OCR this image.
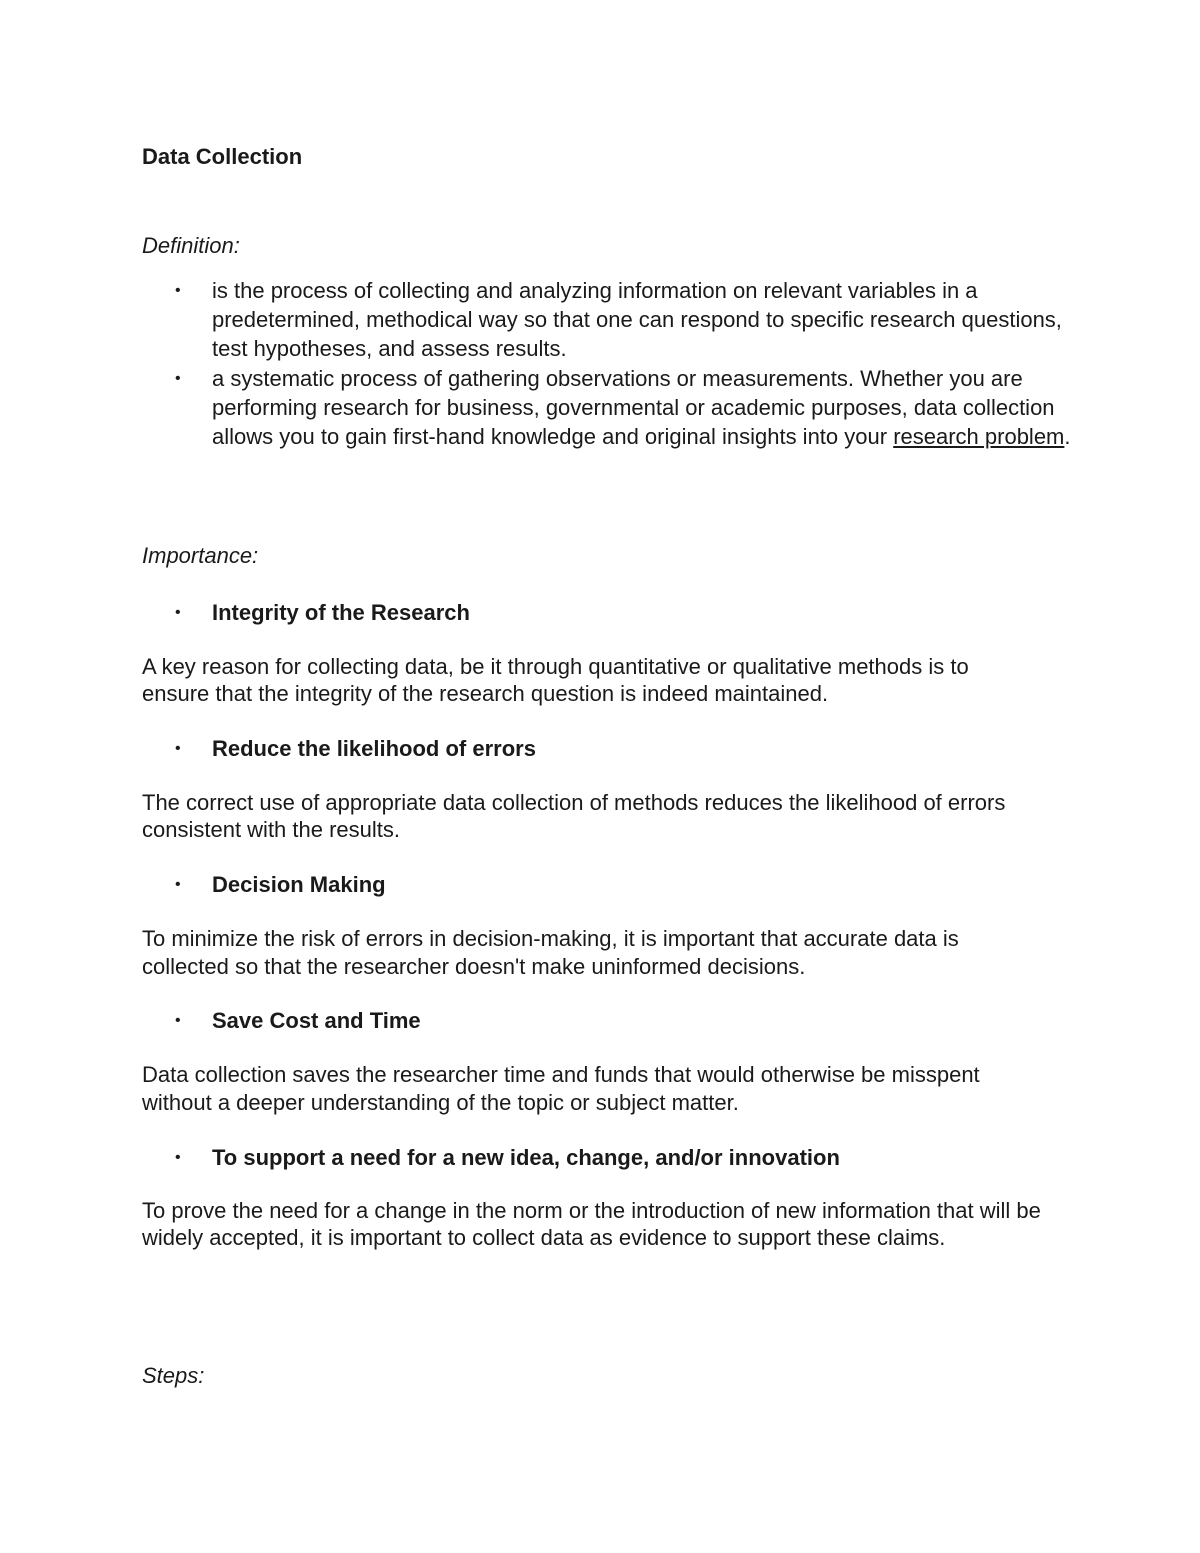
Data Collection
Definition:
• is the process of collecting and analyzing information on relevant variables in a predetermined, methodical way so that one can respond to specific research questions, test hypotheses, and assess results.
• a systematic process of gathering observations or measurements. Whether you are performing research for business, governmental or academic purposes, data collection allows you to gain first-hand knowledge and original insights into your research problem.
Importance:
• Integrity of the Research
A key reason for collecting data, be it through quantitative or qualitative methods is to ensure that the integrity of the research question is indeed maintained.
• Reduce the likelihood of errors
The correct use of appropriate data collection of methods reduces the likelihood of errors consistent with the results.
• Decision Making
To minimize the risk of errors in decision-making, it is important that accurate data is collected so that the researcher doesn't make uninformed decisions.
• Save Cost and Time
Data collection saves the researcher time and funds that would otherwise be misspent without a deeper understanding of the topic or subject matter.
• To support a need for a new idea, change, and/or innovation
To prove the need for a change in the norm or the introduction of new information that will be widely accepted, it is important to collect data as evidence to support these claims.
Steps:
